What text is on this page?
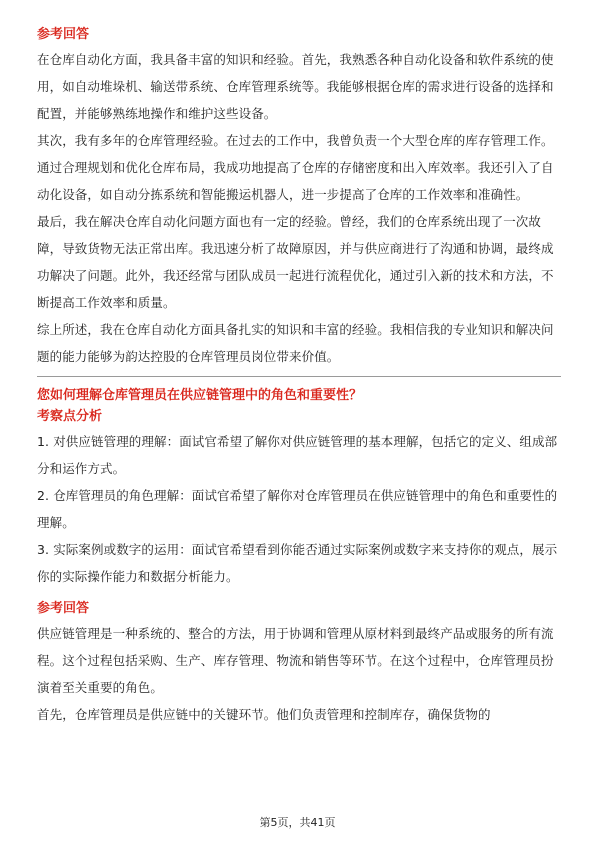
参考回答

在仓库自动化方面，我具备丰富的知识和经验。首先，我熟悉各种自动化设备和软件系统的使用，如自动堆垛机、输送带系统、仓库管理系统等。我能够根据仓库的需求进行设备的选择和配置，并能够熟练地操作和维护这些设备。

其次，我有多年的仓库管理经验。在过去的工作中，我曾负责一个大型仓库的库存管理工作。通过合理规划和优化仓库布局，我成功地提高了仓库的存储密度和出入库效率。我还引入了自动化设备，如自动分拣系统和智能搬运机器人，进一步提高了仓库的工作效率和准确性。

最后，我在解决仓库自动化问题方面也有一定的经验。曾经，我们的仓库系统出现了一次故障，导致货物无法正常出库。我迅速分析了故障原因，并与供应商进行了沟通和协调，最终成功解决了问题。此外，我还经常与团队成员一起进行流程优化，通过引入新的技术和方法，不断提高工作效率和质量。

综上所述，我在仓库自动化方面具备扎实的知识和丰富的经验。我相信我的专业知识和解决问题的能力能够为韵达控股的仓库管理员岗位带来价值。

您如何理解仓库管理员在供应链管理中的角色和重要性？
考察点分析

1. 对供应链管理的理解：面试官希望了解你对供应链管理的基本理解，包括它的定义、组成部分和运作方式。

2. 仓库管理员的角色理解：面试官希望了解你对仓库管理员在供应链管理中的角色和重要性的理解。

3. 实际案例或数字的运用：面试官希望看到你能否通过实际案例或数字来支持你的观点，展示你的实际操作能力和数据分析能力。

参考回答

供应链管理是一种系统的、整合的方法，用于协调和管理从原材料到最终产品或服务的所有流程。这个过程包括采购、生产、库存管理、物流和销售等环节。在这个过程中，仓库管理员扮演着至关重要的角色。

首先，仓库管理员是供应链中的关键环节。他们负责管理和控制库存，确保货物的

第5页，共41页
